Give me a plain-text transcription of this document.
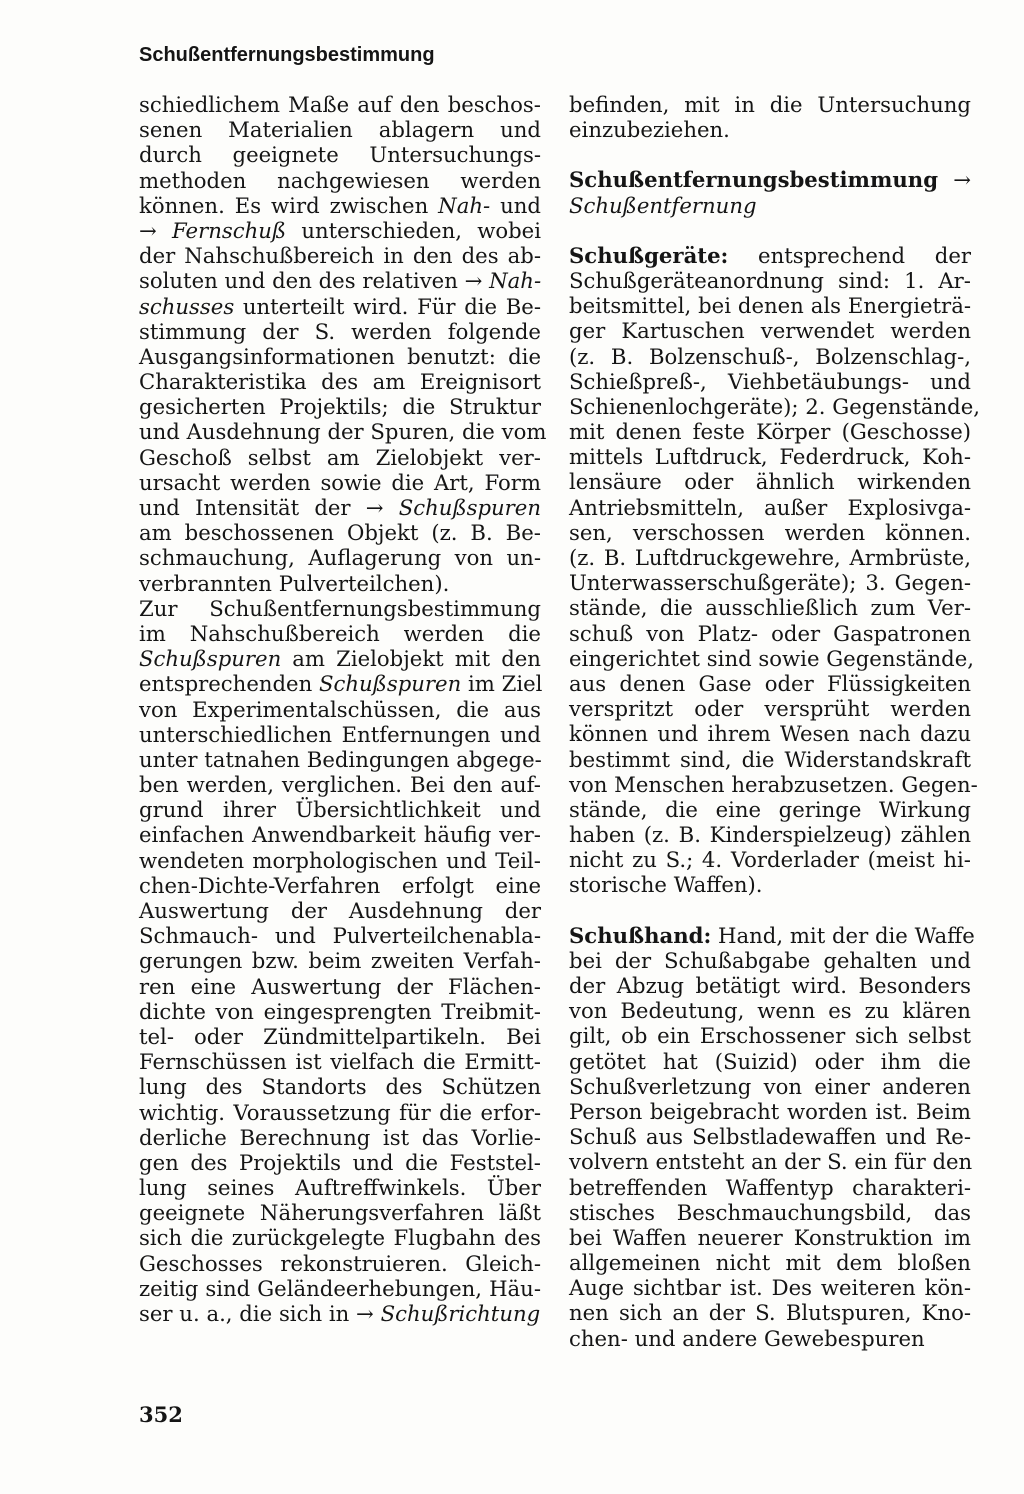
Schußentfernungsbestimmung
schiedlichem Maße auf den beschos-
senen Materialien ablagern und
durch geeignete Untersuchungs-
methoden nachgewiesen werden
können. Es wird zwischen Nah- und
→ Fernschuß unterschieden, wobei
der Nahschußbereich in den des ab-
soluten und den des relativen → Nah-
schusses unterteilt wird. Für die Be-
stimmung der S. werden folgende
Ausgangsinformationen benutzt: die
Charakteristika des am Ereignisort
gesicherten Projektils; die Struktur
und Ausdehnung der Spuren, die vom
Geschoß selbst am Zielobjekt ver-
ursacht werden sowie die Art, Form
und Intensität der → Schußspuren
am beschossenen Objekt (z. B. Be-
schmauchung, Auflagerung von un-
verbrannten Pulverteilchen).
Zur Schußentfernungsbestimmung
im Nahschußbereich werden die
Schußspuren am Zielobjekt mit den
entsprechenden Schußspuren im Ziel
von Experimentalschüssen, die aus
unterschiedlichen Entfernungen und
unter tatnahen Bedingungen abgege-
ben werden, verglichen. Bei den auf-
grund ihrer Übersichtlichkeit und
einfachen Anwendbarkeit häufig ver-
wendeten morphologischen und Teil-
chen-Dichte-Verfahren erfolgt eine
Auswertung der Ausdehnung der
Schmauch- und Pulverteilchenabla-
gerungen bzw. beim zweiten Verfah-
ren eine Auswertung der Flächen-
dichte von eingesprengten Treibmit-
tel- oder Zündmittelpartikeln. Bei
Fernschüssen ist vielfach die Ermitt-
lung des Standorts des Schützen
wichtig. Voraussetzung für die erfor-
derliche Berechnung ist das Vorlie-
gen des Projektils und die Feststel-
lung seines Auftreffwinkels. Über
geeignete Näherungsverfahren läßt
sich die zurückgelegte Flugbahn des
Geschosses rekonstruieren. Gleich-
zeitig sind Geländeerhebungen, Häu-
ser u. a., die sich in → Schußrichtung
befinden, mit in die Untersuchung
einzubeziehen.
Schußentfernungsbestimmung →
Schußentfernung
Schußgeräte: entsprechend der
Schußgeräteanordnung sind: 1. Ar-
beitsmittel, bei denen als Energieträ-
ger Kartuschen verwendet werden
(z. B. Bolzenschuß-, Bolzenschlag-,
Schießpreß-, Viehbetäubungs- und
Schienenlochgeräte); 2. Gegenstände,
mit denen feste Körper (Geschosse)
mittels Luftdruck, Federdruck, Koh-
lensäure oder ähnlich wirkenden
Antriebsmitteln, außer Explosivga-
sen, verschossen werden können.
(z. B. Luftdruckgewehre, Armbrüste,
Unterwasserschußgeräte); 3. Gegen-
stände, die ausschließlich zum Ver-
schuß von Platz- oder Gaspatronen
eingerichtet sind sowie Gegenstände,
aus denen Gase oder Flüssigkeiten
verspritzt oder versprüht werden
können und ihrem Wesen nach dazu
bestimmt sind, die Widerstandskraft
von Menschen herabzusetzen. Gegen-
stände, die eine geringe Wirkung
haben (z. B. Kinderspielzeug) zählen
nicht zu S.; 4. Vorderlader (meist hi-
storische Waffen).
Schußhand: Hand, mit der die Waffe
bei der Schußabgabe gehalten und
der Abzug betätigt wird. Besonders
von Bedeutung, wenn es zu klären
gilt, ob ein Erschossener sich selbst
getötet hat (Suizid) oder ihm die
Schußverletzung von einer anderen
Person beigebracht worden ist. Beim
Schuß aus Selbstladewaffen und Re-
volvern entsteht an der S. ein für den
betreffenden Waffentyp charakteri-
stisches Beschmauchungsbild, das
bei Waffen neuerer Konstruktion im
allgemeinen nicht mit dem bloßen
Auge sichtbar ist. Des weiteren kön-
nen sich an der S. Blutspuren, Kno-
chen- und andere Gewebespuren
352
